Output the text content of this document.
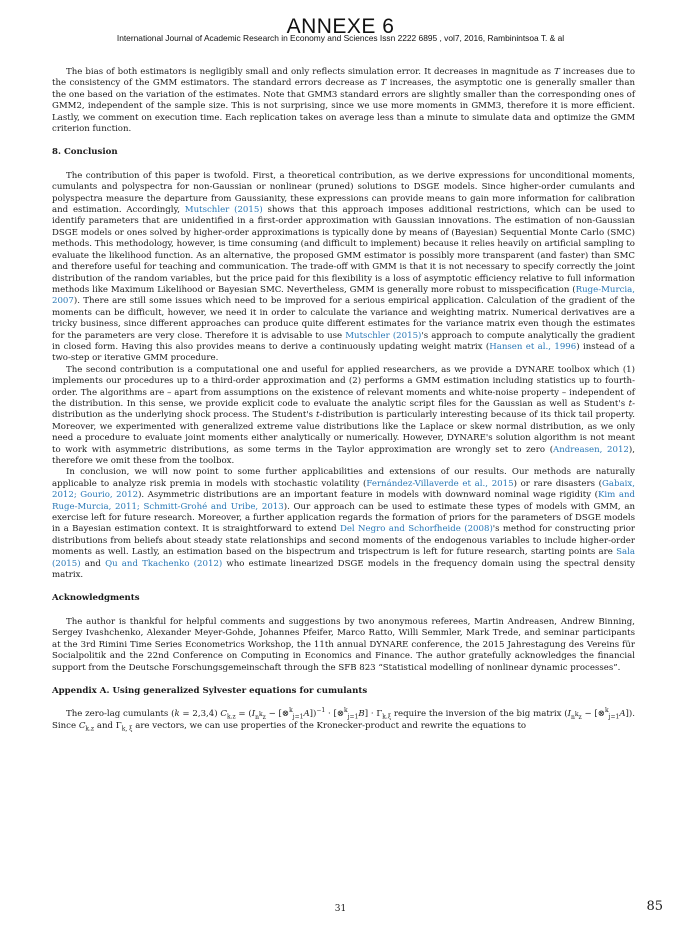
ANNEXE 6
International Journal of Academic Research in Economy and Sciences Issn 2222 6895 , vol7, 2016, Rambinintsoa T. & al

The bias of both estimators is negligibly small and only reflects simulation error. It decreases in magnitude as T increases due to the consistency of the GMM estimators. The standard errors decrease as T increases, the asymptotic one is generally smaller than the one based on the variation of the estimates. Note that GMM3 standard errors are slightly smaller than the corresponding ones of GMM2, independent of the sample size. This is not surprising, since we use more moments in GMM3, therefore it is more efficient. Lastly, we comment on execution time. Each replication takes on average less than a minute to simulate data and optimize the GMM criterion function.

8. Conclusion

The contribution of this paper is twofold. First, a theoretical contribution, as we derive expressions for unconditional moments, cumulants and polyspectra for non-Gaussian or nonlinear (pruned) solutions to DSGE models. Since higher-order cumulants and polyspectra measure the departure from Gaussianity, these expressions can provide means to gain more information for calibration and estimation. Accordingly, Mutschler (2015) shows that this approach imposes additional restrictions, which can be used to identify parameters that are unidentified in a first-order approximation with Gaussian innovations. The estimation of non-Gaussian DSGE models or ones solved by higher-order approximations is typically done by means of (Bayesian) Sequential Monte Carlo (SMC) methods. This methodology, however, is time consuming (and difficult to implement) because it relies heavily on artificial sampling to evaluate the likelihood function. As an alternative, the proposed GMM estimator is possibly more transparent (and faster) than SMC and therefore useful for teaching and communication. The trade-off with GMM is that it is not necessary to specify correctly the joint distribution of the random variables, but the price paid for this flexibility is a loss of asymptotic efficiency relative to full information methods like Maximum Likelihood or Bayesian SMC. Nevertheless, GMM is generally more robust to misspecification (Ruge-Murcia, 2007). There are still some issues which need to be improved for a serious empirical application. Calculation of the gradient of the moments can be difficult, however, we need it in order to calculate the variance and weighting matrix. Numerical derivatives are a tricky business, since different approaches can produce quite different estimates for the variance matrix even though the estimates for the parameters are very close. Therefore it is advisable to use Mutschler (2015)'s approach to compute analytically the gradient in closed form. Having this also provides means to derive a continuously updating weight matrix (Hansen et al., 1996) instead of a two-step or iterative GMM procedure.

The second contribution is a computational one and useful for applied researchers, as we provide a DYNARE toolbox which (1) implements our procedures up to a third-order approximation and (2) performs a GMM estimation including statistics up to fourth-order. The algorithms are – apart from assumptions on the existence of relevant moments and white-noise property – independent of the distribution. In this sense, we provide explicit code to evaluate the analytic script files for the Gaussian as well as Student's t-distribution as the underlying shock process. The Student's t-distribution is particularly interesting because of its thick tail property. Moreover, we experimented with generalized extreme value distributions like the Laplace or skew normal distribution, as we only need a procedure to evaluate joint moments either analytically or numerically. However, DYNARE's solution algorithm is not meant to work with asymmetric distributions, as some terms in the Taylor approximation are wrongly set to zero (Andreasen, 2012), therefore we omit these from the toolbox.

In conclusion, we will now point to some further applicabilities and extensions of our results. Our methods are naturally applicable to analyze risk premia in models with stochastic volatility (Fernández-Villaverde et al., 2015) or rare disasters (Gabaix, 2012; Gourio, 2012). Asymmetric distributions are an important feature in models with downward nominal wage rigidity (Kim and Ruge-Murcia, 2011; Schmitt-Grohé and Uribe, 2013). Our approach can be used to estimate these types of models with GMM, an exercise left for future research. Moreover, a further application regards the formation of priors for the parameters of DSGE models in a Bayesian estimation context. It is straightforward to extend Del Negro and Schorfheide (2008)'s method for constructing prior distributions from beliefs about steady state relationships and second moments of the endogenous variables to include higher-order moments as well. Lastly, an estimation based on the bispectrum and trispectrum is left for future research, starting points are Sala (2015) and Qu and Tkachenko (2012) who estimate linearized DSGE models in the frequency domain using the spectral density matrix.

Acknowledgments

The author is thankful for helpful comments and suggestions by two anonymous referees, Martin Andreasen, Andrew Binning, Sergey Ivashchenko, Alexander Meyer-Gohde, Johannes Pfeifer, Marco Ratto, Willi Semmler, Mark Trede, and seminar participants at the 3rd Rimini Time Series Econometrics Workshop, the 11th annual DYNARE conference, the 2015 Jahrestagung des Vereins für Socialpolitik and the 22nd Conference on Computing in Economics and Finance. The author gratefully acknowledges the financial support from the Deutsche Forschungsgemeinschaft through the SFB 823 “Statistical modelling of nonlinear dynamic processes”.

Appendix A. Using generalized Sylvester equations for cumulants

The zero-lag cumulants (k = 2,3,4) $C_{k.z} = (I_{n^kz}$ − [⊗$^k_{j=1}$A])$^{-1}$ · [⊗$^k_{j=1}$B] · $\Gamma_{k.\xi}$ require the inversion of the big matrix ($I_{n^kz}$ − [⊗$^k_{j=1}$A]). Since $C_{k.z}$ and $\Gamma_{k, \xi}$ are vectors, we can use properties of the Kronecker-product and rewrite the equations to

31	85
